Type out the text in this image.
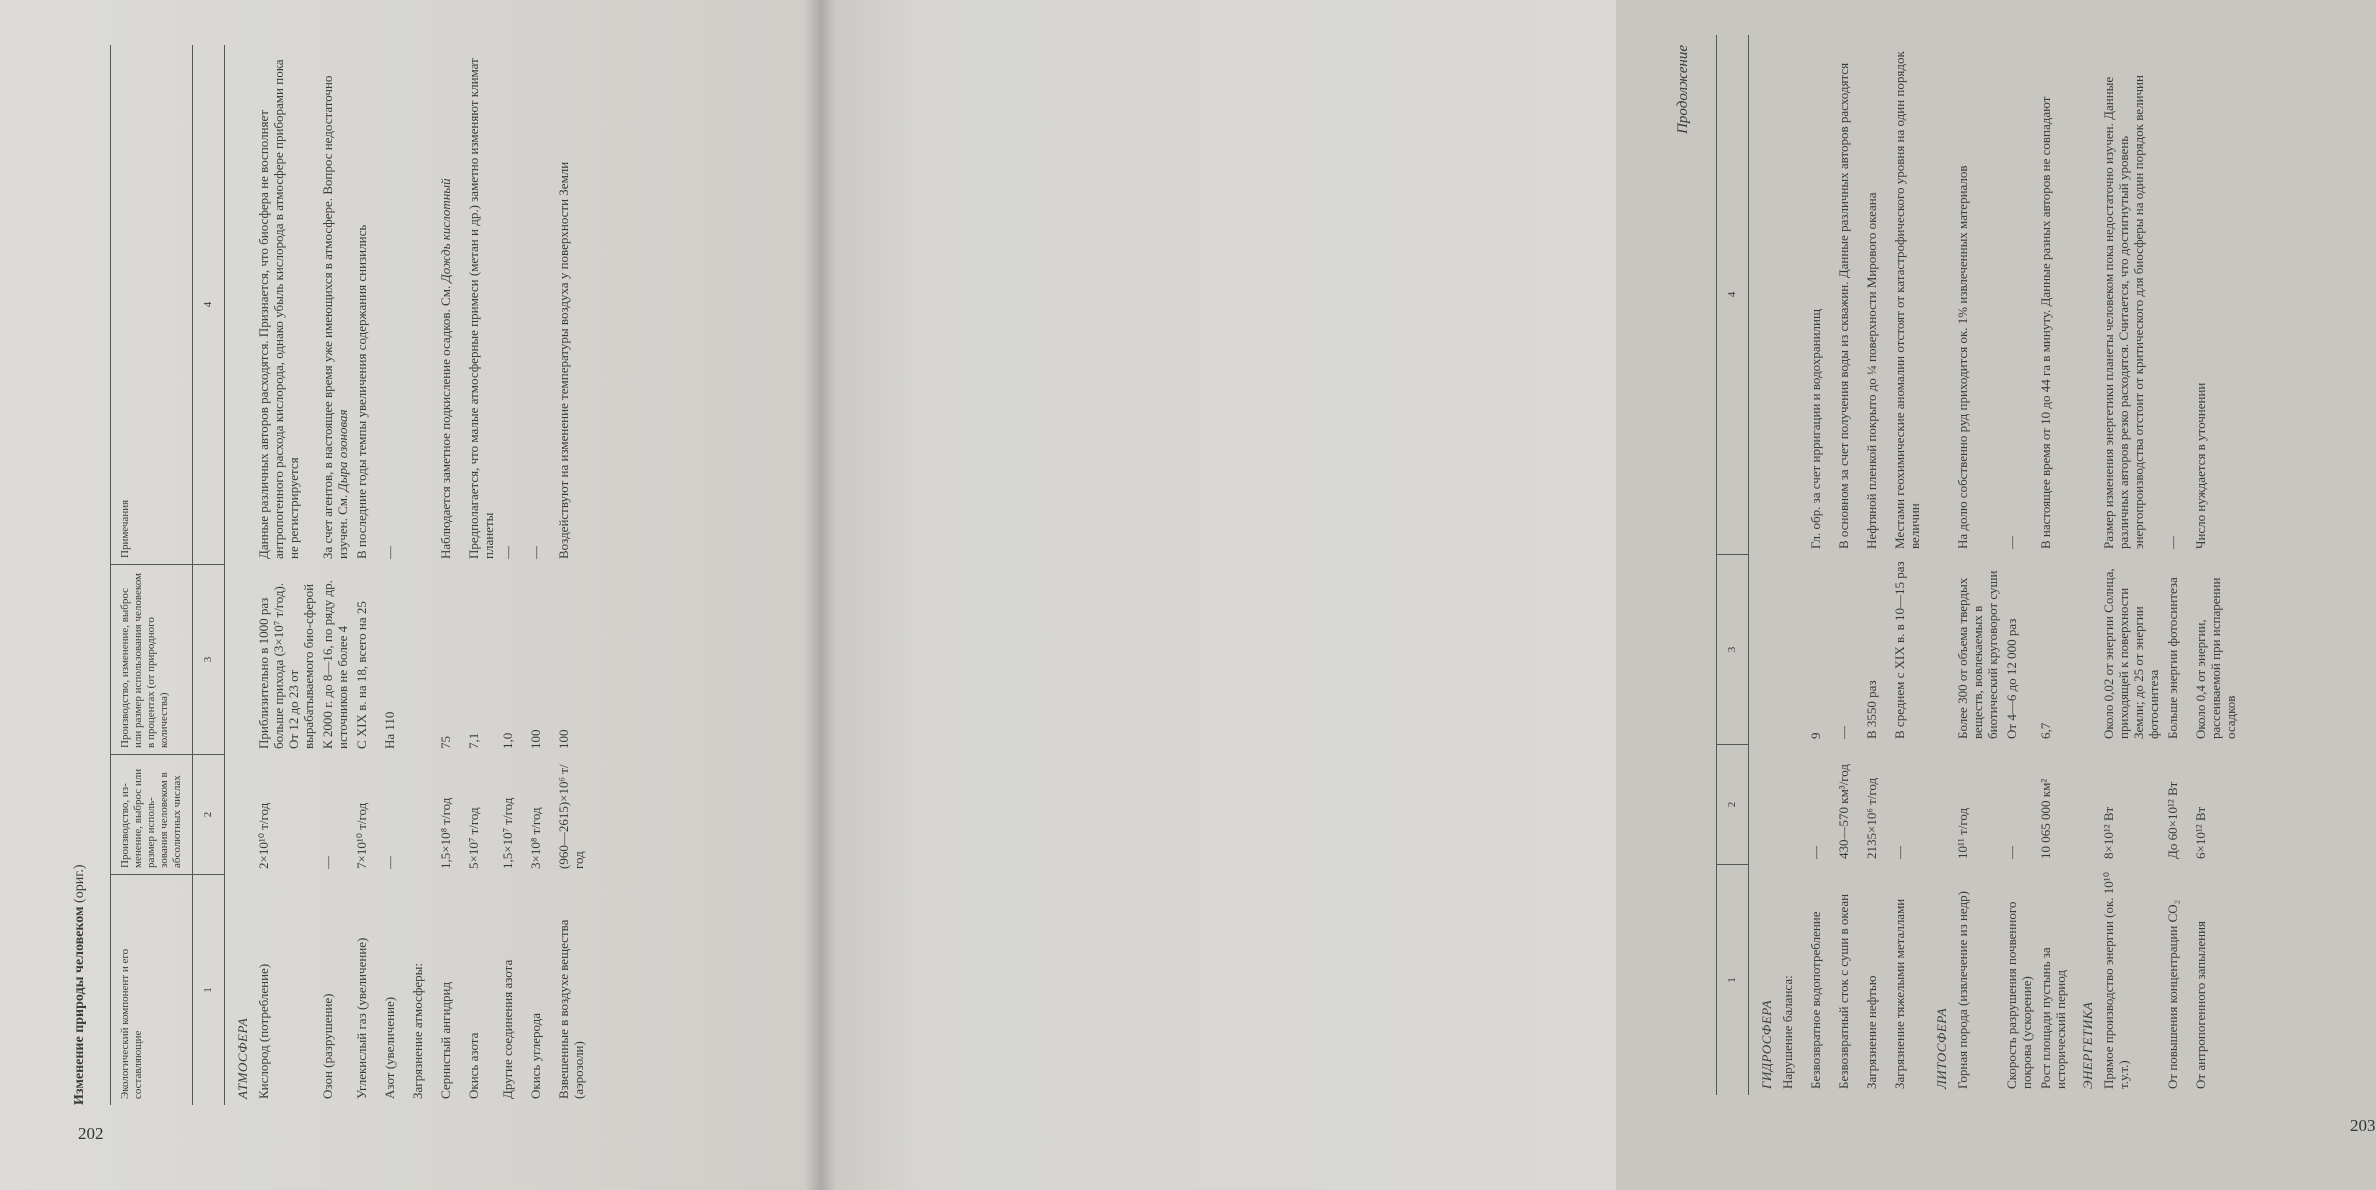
Изменение природы человеком (ориг.)
Экологический компонент и его составляющие
Производство, из-менение, выброс или размер исполь-зования человеком в абсолютных числах
Производство, изменение, выброс или размер использования человеком в процентах (от природного количества)
Примечания
1
2
3
4
АТМОСФЕРА Кислород (потребление)
2×10¹⁰ т/год
Приблизительно в 1000 раз больше прихода (3×10⁷ т/год). От 12 до 23 от вырабатываемого био-сферой
Данные различных авторов расходятся. Признается, что биосфера не восполняет антропогенного расхода кислорода, однако убыль кислорода в атмосфере приборами пока не регистрируется
Озон (разрушение)
—
К 2000 г. до 8—16, по ряду др. источников не более 4
За счет агентов, в настоящее время уже имеющихся в атмосфере. Вопрос недостаточно изучен. См. Дыра озоновая
Углекислый газ (увеличение)
7×10¹⁰ т/год
С XIX в. на 18, всего на 25
В последние годы темпы увеличения содержания снизились
Азот (увеличение)
—
На 110
—
Загрязнение атмосферы:	Сернистый ангидрид
1,5×10⁸ т/год
75
Наблюдается заметное подкисление осадков. См. Дождь кислотный
Окись азота
5×10⁷ т/год
7,1
Предполагается, что малые атмосферные примеси (метан и др.) заметно изменяют климат планеты
Другие соединения азота
1,5×10⁷ т/год
1,0
—
Окись углерода
3×10⁸ т/год
100
—
Взвешенные в воздухе вещества (аэрозоли)
(960—2615)×10⁶ т/год
100
Воздействуют на изменение температуры воздуха у поверхности Земли
202
Продолжение
1
2
3
4
ГИДРОСФЕРА Нарушение баланса:	Безвозвратное водопотребление
—
9
Гл. обр. за счет ирригации и водохранилищ
Безвозвратный сток с суши в океан
430—570 км³/год
—
В основном за счет получения воды из скважин. Данные различных авторов расходятся
Загрязнение нефтью
2135×10⁶ т/год
В 3550 раз
Нефтяной пленкой покрыто до ¼ поверхности Мирового океана
Загрязнение тяжелыми металлами
—
В среднем с XIX в. в 10—15 раз
Местами геохимические аномалии отстоят от катастрофического уровня на один порядок величин
ЛИТОСФЕРА Горная порода (извлечение из недр)
10¹¹ т/год
Более 300 от объема твердых веществ, вовлекаемых в биотический круговорот суши
На долю собственно руд приходится ок. 1% извлеченных материалов
Скорость разрушения почвенного покрова (ускорение)
—
От 4—6 до 12 000 раз
—
Рост площади пустынь за исторический период
10 065 000 км²
6,7
В настоящее время от 10 до 44 га в минуту. Данные разных авторов не совпадают
ЭНЕРГЕТИКА Прямое производство энергии (ок. 10¹⁰ т.у.т.)
8×10¹² Вт
Около 0,02 от энергии Солнца, приходящей к поверхности Земли; до 25 от энергии фотосинтеза
Размер изменения энергетики планеты человеком пока недостаточно изучен. Данные различных авторов резко расходятся. Считается, что достигнутый уровень энергопроизводства отстоит от критического для биосферы на один порядок величин
От повышения концентрации CO₂
До 60×10¹² Вт
Больше энергии фотосинтеза
—
От антропогенного запыления
6×10¹² Вт
Около 0,4 от энергии, рассеиваемой при испарении осадков
Число нуждается в уточнении
203
